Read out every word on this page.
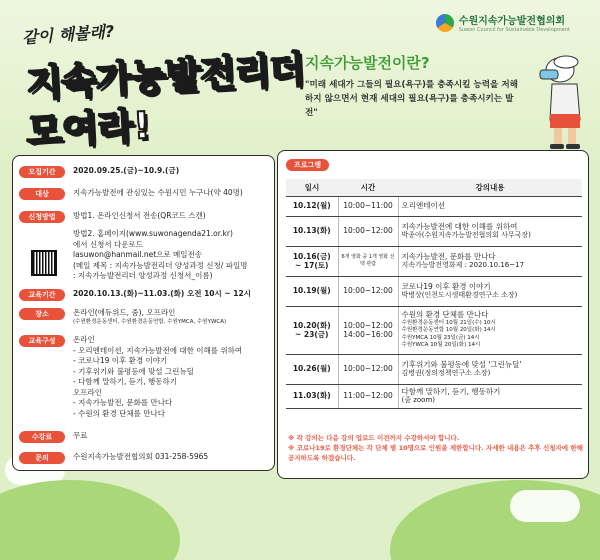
수원지속가능발전협의회
Suwon Council for Sustainable Development
같이 해볼래?
지속가능발전리더
모여라!
지속가능발전이란?
"미래 세대가 그들의 필요(욕구)를 충족시킬 능력을 저해하지 않으면서 현재 세대의 필요(욕구)를 충족시키는 발전"
모집기간	2020.09.25.(금)~10.9.(금)
대상	지속가능발전에 관심있는 수원시민 누구나(약 40명)
신청방법	방법1. 온라인신청서 전송(QR코드 스캔)
방법2. 홈페이지(www.suwonagenda21.or.kr)
에서 신청서 다운로드
lasuwon@hanmail.net으로 메일전송
(메일 제목 : 지속가능발전리더 양성과정 신청/ 파일명
: 지속가능발전리더 양성과정 신청서_이름)
교육기간	2020.10.13.(화)~11.03.(화) 오전 10시 ~ 12시
장소	온라인(에듀위드, 줌), 오프라인
(수원환경운동센터, 수원환경운동연합, 수원YMCA, 수원YWCA)
교육구성	온라인
- 오리엔테이션, 지속가능발전에 대한 이해를 위하여
- 코로나19 이후 환경 이야기
- 기후위기와 불평등에 맞설 그린뉴딜
- 다함께 말하기, 듣기, 행동하기
오프라인
- 지속가능발전, 문화를 만나다
- 수원의 환경 단체를 만나다
수강료	무료
문의	수원지속가능발전협의회 031-258-5965
프로그램
일시	시간	강의내용
10.12(월)	10:00~11:00	오리엔테이션

10.13(화)	10:00~12:00	지속가능발전에 대한 이해를 위하여
박종아(수원지속가능발전협의회 사무국장)

10.16(금) ~ 17(토)	6개 영화 중 1개 영화 선택 관람	지속가능발전, 문화를 만나다
지속가능발전영화제 : 2020.10.16~17

10.19(월)	10:00~12:00	코로나19 이후 환경 이야기
박병상(인천도시생태환경연구소 소장)

10.20(화) ~ 23(금)	10:00~12:00 14:00~16:00	수원의 환경 단체를 만나다
수원환경운동센터 10월 21일(수) 10시
수원환경운동연합 10월 20일(화) 14시
수원YMCA 10월 23일(금) 14시
수원YWCA 10월 20일(화) 14시

10.26(월)	10:00~12:00	기후위기와 불평등에 맞설 '그린뉴딜'
김병권(정의정책연구소 소장)

11.03(화)	11:00~12:00	다함께 말하기, 듣기, 행동하기
(줌 zoom)
※ 각 강의는 다음 강의 업로드 이전까지 수강하셔야 합니다.
※ 코로나19로 환경단체는 각 단체 별 10명으로 인원을 제한합니다. 자세한 내용은 추후 신청자에 한해 공지하도록 하겠습니다.
